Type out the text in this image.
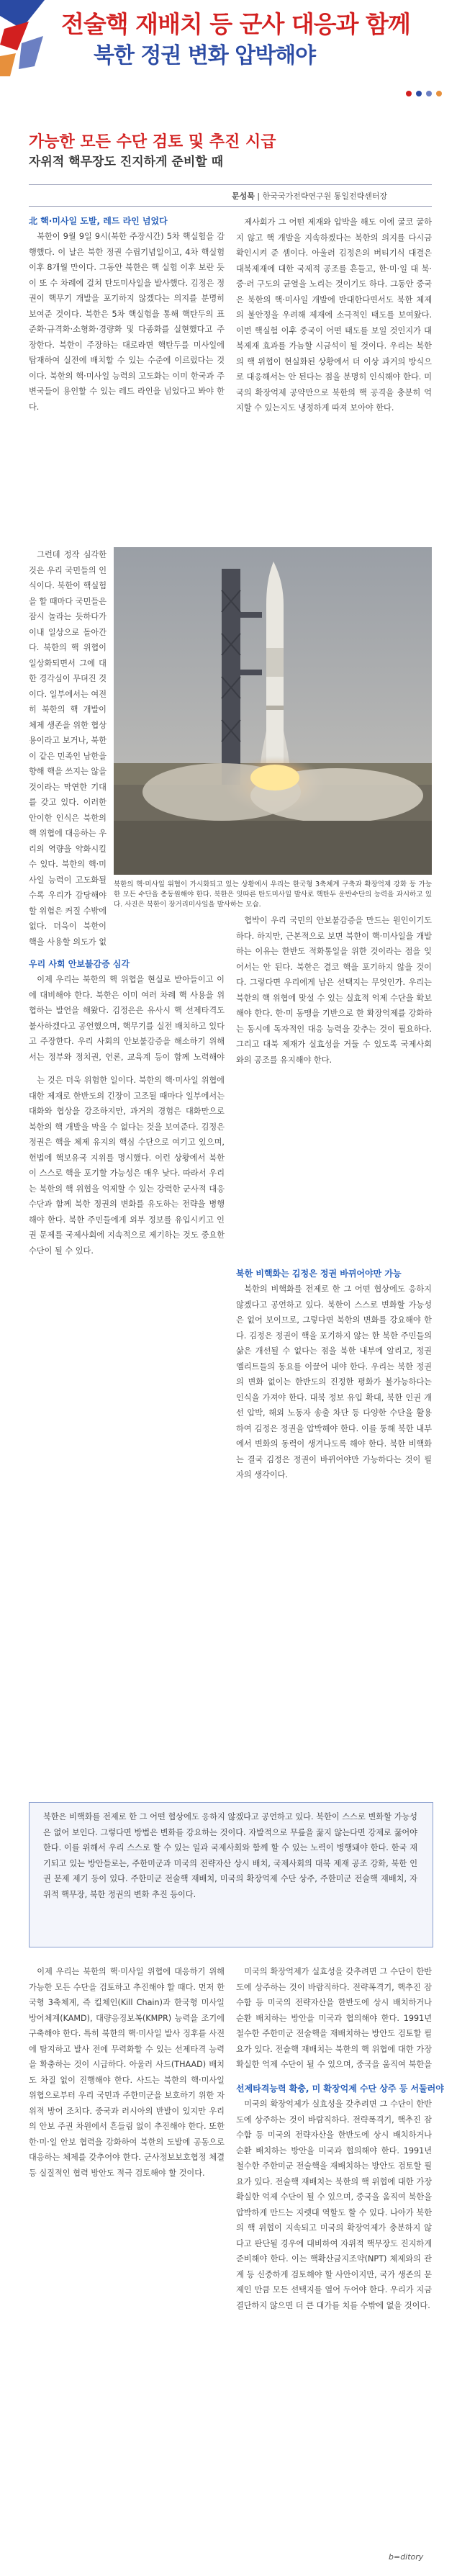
전술핵 재배치 등 군사 대응과 함께
북한 정권 변화 압박해야
가능한 모든 수단 검토 및 추진 시급
자위적 핵무장도 진지하게 준비할 때
문성묵 | 한국국가전략연구원 통일전략센터장
北 핵·미사일 도발, 레드 라인 넘었다

북한이 9월 9일 9시(북한 주장시간) 5차 핵실험을 감행했다. 이 날은 북한 정권 수립기념일이고, 4차 핵실험 이후 8개월 만이다. 그동안 북한은 핵 실험 이후 보란 듯이 또 수 차례에 걸쳐 탄도미사일을 발사했다. 김정은 정권이 핵무기 개발을 포기하지 않겠다는 의지를 분명히 보여준 것이다. 북한은 5차 핵실험을 통해 핵탄두의 표준화·규격화·소형화·경량화 및 다종화를 실현했다고 주장한다. 북한이 주장하는 대로라면 핵탄두를 미사일에 탑재하여 실전에 배치할 수 있는 수준에 이르렀다는 것이다. 북한의 핵·미사일 능력의 고도화는 이미 한국과 주변국들이 용인할 수 있는 레드 라인을 넘었다고 봐야 한다.

제사회가 그 어떤 제재와 압박을 해도 이에 굴코 굴하지 않고 핵 개발을 지속하겠다는 북한의 의지를 다시금 확인시켜 준 셈이다. 아울러 김정은의 버티기식 대결은 대북제재에 대한 국제적 공조를 흔들고, 한·미·일 대 북·중·러 구도의 균열을 노리는 것이기도 하다. 그동안 중국은 북한의 핵·미사일 개발에 반대한다면서도 북한 체제의 불안정을 우려해 제재에 소극적인 태도를 보여왔다. 이번 핵실험 이후 중국이 어떤 태도를 보일 것인지가 대북제재 효과를 가늠할 시금석이 될 것이다. 우리는 북한의 핵 위협이 현실화된 상황에서 더 이상 과거의 방식으로 대응해서는 안 된다는 점을 분명히 인식해야 한다. 미국의 확장억제 공약만으로 북한의 핵 공격을 충분히 억지할 수 있는지도 냉정하게 따져 보아야 한다.

그런데 정작 심각한 것은 우리 국민들의 인식이다. 북한이 핵실험을 할 때마다 국민들은 잠시 놀라는 듯하다가 이내 일상으로 돌아간다. 북한의 핵 위협이 일상화되면서 그에 대한 경각심이 무뎌진 것이다. 일부에서는 여전히 북한의 핵 개발이 체제 생존을 위한 협상용이라고 보거나, 북한이 같은 민족인 남한을 향해 핵을 쓰지는 않을 것이라는 막연한 기대를 갖고 있다. 이러한 안이한 인식은 북한의 핵 위협에 대응하는 우리의 역량을 약화시킬 수 있다. 북한의 핵·미사일 능력이 고도화될수록 우리가 감당해야 할 위험은 커질 수밖에 없다. 더욱이 북한이 핵을 사용할 의도가 없

북한의 핵·미사일 위협이 가시화되고 있는 상황에서 우리는 한국형 3축체계 구축과 확장억제 강화 등 가능한 모든 수단을 총동원해야 한다. 북한은 잇따른 탄도미사일 발사로 핵탄두 운반수단의 능력을 과시하고 있다. 사진은 북한이 장거리미사일을 발사하는 모습.
우리 사회 안보불감증 심각

이제 우리는 북한의 핵 위협을 현실로 받아들이고 이에 대비해야 한다. 북한은 이미 여러 차례 핵 사용을 위협하는 발언을 해왔다. 김정은은 유사시 핵 선제타격도 불사하겠다고 공언했으며, 핵무기를 실전 배치하고 있다고 주장한다. 우리 사회의 안보불감증을 해소하기 위해서는 정부와 정치권, 언론, 교육계 등이 함께 노력해야

협박이 우리 국민의 안보불감증을 만드는 원인이기도 하다. 하지만, 근본적으로 보면 북한이 핵·미사일을 개발하는 이유는 한반도 적화통일을 위한 것이라는 점을 잊어서는 안 된다. 북한은 결코 핵을 포기하지 않을 것이다. 그렇다면 우리에게 남은 선택지는 무엇인가. 우리는 북한의 핵 위협에 맞설 수 있는 실효적 억제 수단을 확보해야 한다. 한·미 동맹을 기반으로 한 확장억제를 강화하는 동시에 독자적인 대응 능력을 갖추는 것이 필요하다. 그리고 대북 제재가 실효성을 거둘 수 있도록 국제사회와의 공조를 유지해야 한다.

는 것은 더욱 위험한 일이다. 북한의 핵·미사일 위협에 대한 제재로 한반도의 긴장이 고조될 때마다 일부에서는 대화와 협상을 강조하지만, 과거의 경험은 대화만으로 북한의 핵 개발을 막을 수 없다는 것을 보여준다. 김정은 정권은 핵을 체제 유지의 핵심 수단으로 여기고 있으며, 헌법에 핵보유국 지위를 명시했다. 이런 상황에서 북한이 스스로 핵을 포기할 가능성은 매우 낮다. 따라서 우리는 북한의 핵 위협을 억제할 수 있는 강력한 군사적 대응 수단과 함께 북한 정권의 변화를 유도하는 전략을 병행해야 한다. 북한 주민들에게 외부 정보를 유입시키고 인권 문제를 국제사회에 지속적으로 제기하는 것도 중요한 수단이 될 수 있다.

북한 비핵화는 김정은 정권 바뀌어야만 가능

북한의 비핵화를 전제로 한 그 어떤 협상에도 응하지 않겠다고 공언하고 있다. 북한이 스스로 변화할 가능성은 없어 보이므로, 그렇다면 북한의 변화를 강요해야 한다. 김정은 정권이 핵을 포기하지 않는 한 북한 주민들의 삶은 개선될 수 없다는 점을 북한 내부에 알리고, 정권 엘리트들의 동요를 이끌어 내야 한다. 우리는 북한 정권의 변화 없이는 한반도의 진정한 평화가 불가능하다는 인식을 가져야 한다. 대북 정보 유입 확대, 북한 인권 개선 압박, 해외 노동자 송출 차단 등 다양한 수단을 활용하여 김정은 정권을 압박해야 한다. 이를 통해 북한 내부에서 변화의 동력이 생겨나도록 해야 한다. 북한 비핵화는 결국 김정은 정권이 바뀌어야만 가능하다는 것이 필자의 생각이다.

북한은 비핵화를 전제로 한 그 어떤 협상에도 응하지 않겠다고 공언하고 있다. 북한이 스스로 변화할 가능성은 없어 보인다. 그렇다면 방법은 변화를 강요하는 것이다. 자발적으로 무릎을 꿇지 않는다면 강제로 꿇어야 한다. 이를 위해서 우리 스스로 할 수 있는 일과 국제사회와 함께 할 수 있는 노력이 병행돼야 한다. 한국 재기되고 있는 방안들로는, 주한미군과 미국의 전략자산 상시 배치, 국제사회의 대북 제재 공조 강화, 북한 인권 문제 제기 등이 있다. 주한미군 전술핵 재배치, 미국의 확장억제 수단 상주, 주한미군 전술핵 재배치, 자위적 핵무장, 북한 정권의 변화 추진 등이다.

이제 우리는 북한의 핵·미사일 위협에 대응하기 위해 가능한 모든 수단을 검토하고 추진해야 할 때다. 먼저 한국형 3축체계, 즉 킬체인(Kill Chain)과 한국형 미사일방어체계(KAMD), 대량응징보복(KMPR) 능력을 조기에 구축해야 한다. 특히 북한의 핵·미사일 발사 징후를 사전에 탐지하고 발사 전에 무력화할 수 있는 선제타격 능력을 확충하는 것이 시급하다. 아울러 사드(THAAD) 배치도 차질 없이 진행해야 한다. 사드는 북한의 핵·미사일 위협으로부터 우리 국민과 주한미군을 보호하기 위한 자위적 방어 조치다. 중국과 러시아의 반발이 있지만 우리의 안보 주권 차원에서 흔들림 없이 추진해야 한다. 또한 한·미·일 안보 협력을 강화하여 북한의 도발에 공동으로 대응하는 체제를 갖추어야 한다. 군사정보보호협정 체결 등 실질적인 협력 방안도 적극 검토해야 할 것이다.

미국의 확장억제가 실효성을 갖추려면 그 수단이 한반도에 상주하는 것이 바람직하다. 전략폭격기, 핵추진 잠수함 등 미국의 전략자산을 한반도에 상시 배치하거나 순환 배치하는 방안을 미국과 협의해야 한다. 1991년 철수한 주한미군 전술핵을 재배치하는 방안도 검토할 필요가 있다. 전술핵 재배치는 북한의 핵 위협에 대한 가장 확실한 억제 수단이 될 수 있으며, 중국을 움직여 북한을

선제타격능력 확충, 미 확장억제 수단 상주 등 서둘러야

미국의 확장억제가 실효성을 갖추려면 그 수단이 한반도에 상주하는 것이 바람직하다. 전략폭격기, 핵추진 잠수함 등 미국의 전략자산을 한반도에 상시 배치하거나 순환 배치하는 방안을 미국과 협의해야 한다. 1991년 철수한 주한미군 전술핵을 재배치하는 방안도 검토할 필요가 있다. 전술핵 재배치는 북한의 핵 위협에 대한 가장 확실한 억제 수단이 될 수 있으며, 중국을 움직여 북한을 압박하게 만드는 지렛대 역할도 할 수 있다. 나아가 북한의 핵 위협이 지속되고 미국의 확장억제가 충분하지 않다고 판단될 경우에 대비하여 자위적 핵무장도 진지하게 준비해야 한다. 이는 핵확산금지조약(NPT) 체제와의 관계 등 신중하게 검토해야 할 사안이지만, 국가 생존의 문제인 만큼 모든 선택지를 열어 두어야 한다. 우리가 지금 결단하지 않으면 더 큰 대가를 치를 수밖에 없을 것이다.

b=ditory
